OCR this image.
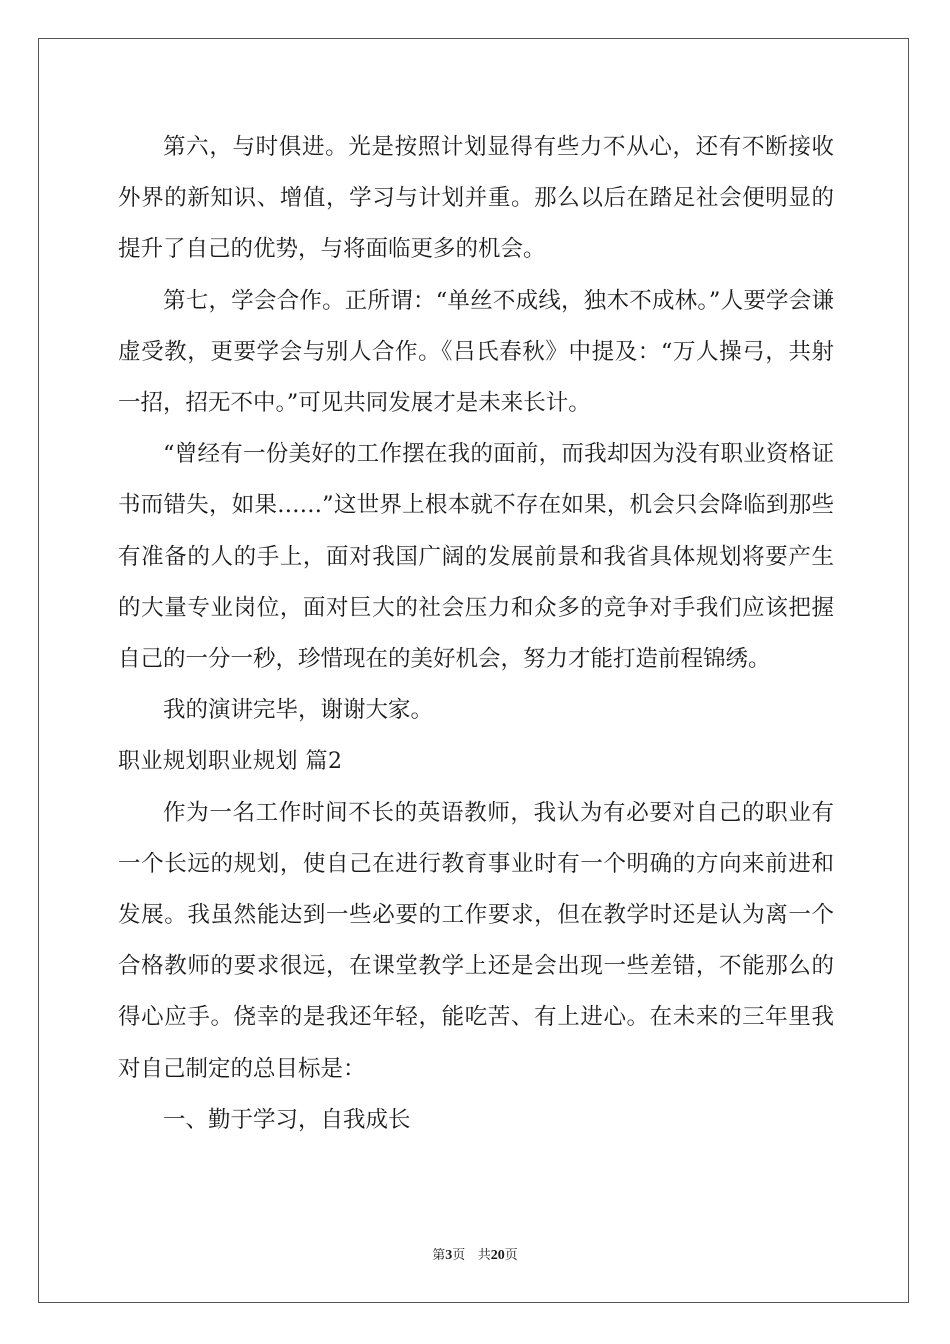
第六，与时俱进。光是按照计划显得有些力不从心，还有不断接收外界的新知识、增值，学习与计划并重。那么以后在踏足社会便明显的提升了自己的优势，与将面临更多的机会。

第七，学会合作。正所谓：“单丝不成线，独木不成林。”人要学会谦虚受教，更要学会与别人合作。《吕氏春秋》中提及：“万人操弓，共射一招，招无不中。”可见共同发展才是未来长计。

“曾经有一份美好的工作摆在我的面前，而我却因为没有职业资格证书而错失，如果……”这世界上根本就不存在如果，机会只会降临到那些有准备的人的手上，面对我国广阔的发展前景和我省具体规划将要产生的大量专业岗位，面对巨大的社会压力和众多的竞争对手我们应该把握自己的一分一秒，珍惜现在的美好机会，努力才能打造前程锦绣。

我的演讲完毕，谢谢大家。

职业规划职业规划 篇2

作为一名工作时间不长的英语教师，我认为有必要对自己的职业有一个长远的规划，使自己在进行教育事业时有一个明确的方向来前进和发展。我虽然能达到一些必要的工作要求，但在教学时还是认为离一个合格教师的要求很远，在课堂教学上还是会出现一些差错，不能那么的得心应手。侥幸的是我还年轻，能吃苦、有上进心。在未来的三年里我对自己制定的总目标是：

一、勤于学习，自我成长

第3页 共20页
